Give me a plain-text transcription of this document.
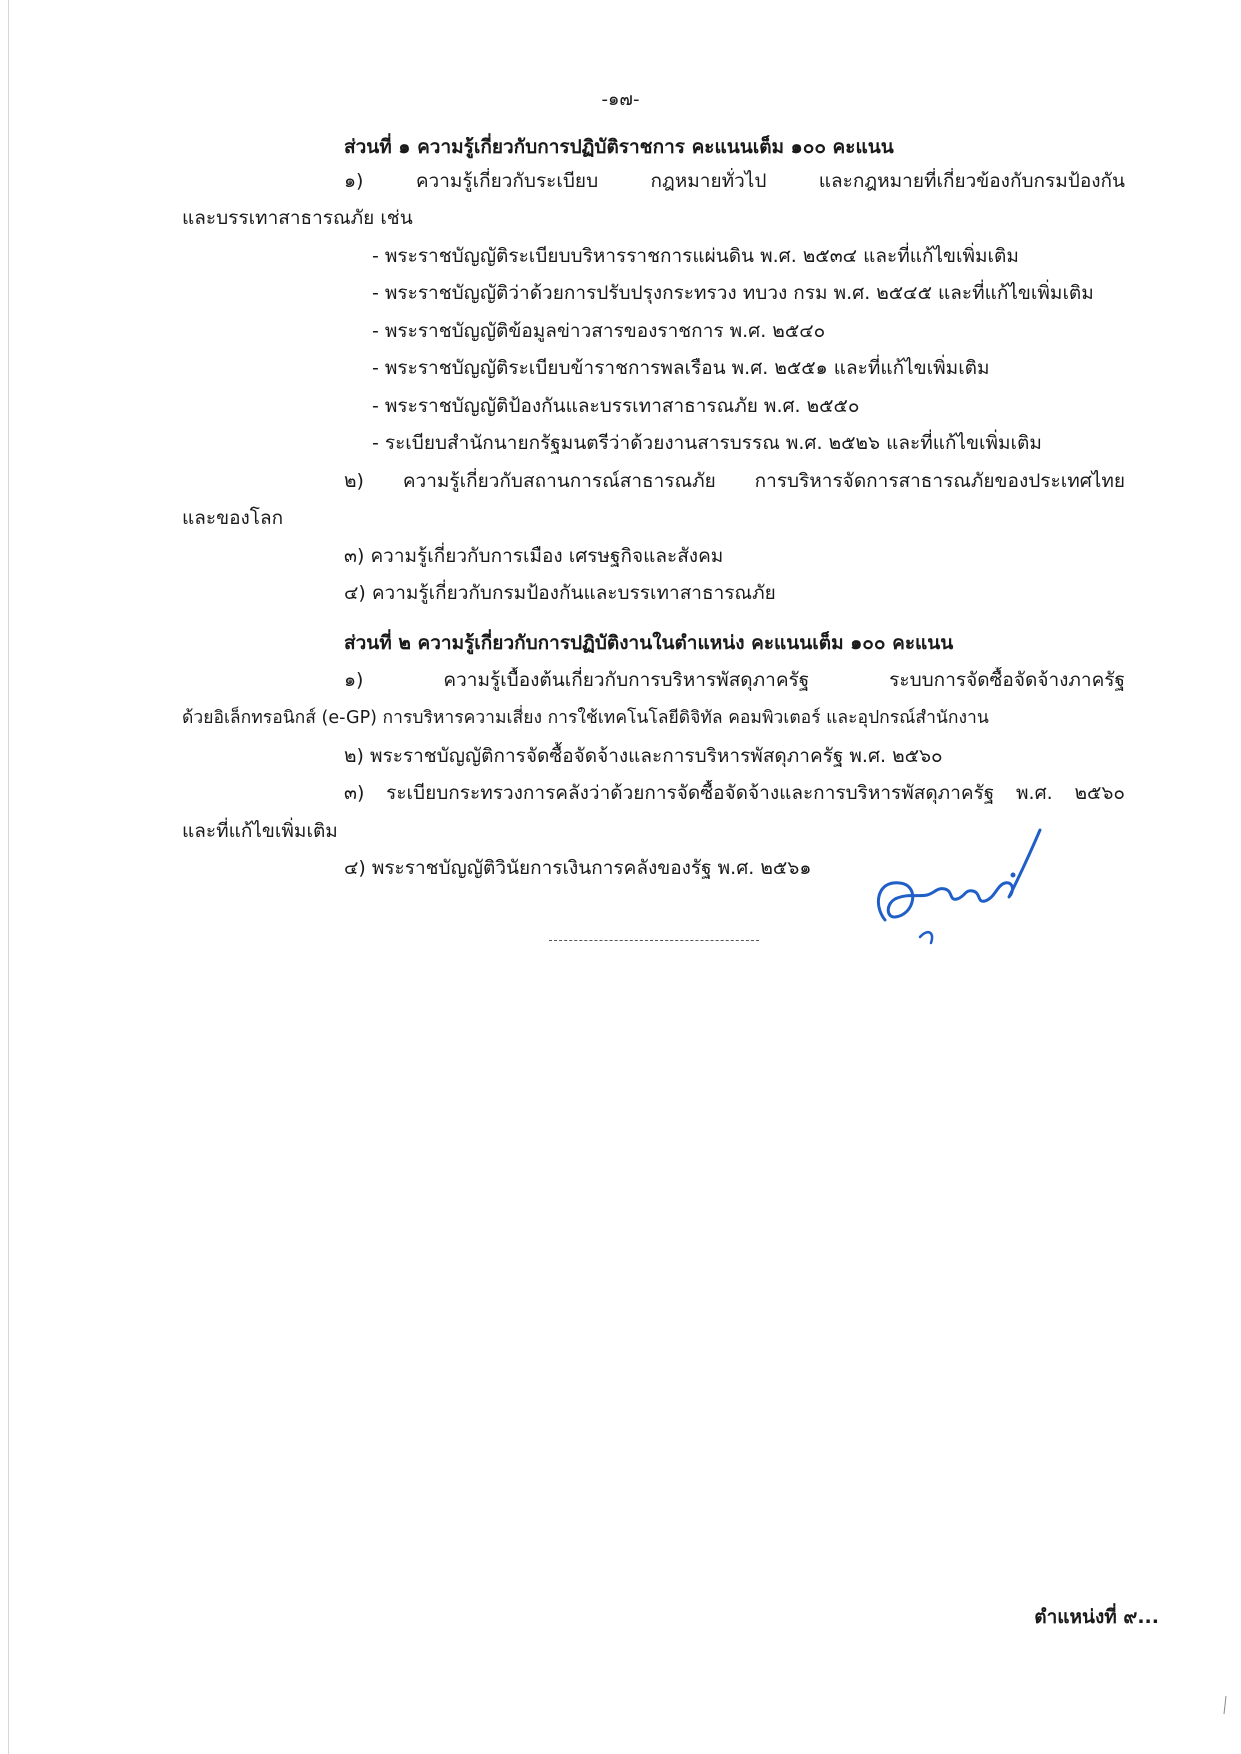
-๑๗-
ส่วนที่ ๑ ความรู้เกี่ยวกับการปฏิบัติราชการ คะแนนเต็ม ๑๐๐ คะแนน
๑) ความรู้เกี่ยวกับระเบียบ กฎหมายทั่วไป และกฎหมายที่เกี่ยวข้องกับกรมป้องกัน
และบรรเทาสาธารณภัย เช่น
- พระราชบัญญัติระเบียบบริหารราชการแผ่นดิน พ.ศ. ๒๕๓๔ และที่แก้ไขเพิ่มเติม
- พระราชบัญญัติว่าด้วยการปรับปรุงกระทรวง ทบวง กรม พ.ศ. ๒๕๔๕ และที่แก้ไขเพิ่มเติม
- พระราชบัญญัติข้อมูลข่าวสารของราชการ พ.ศ. ๒๕๔๐
- พระราชบัญญัติระเบียบข้าราชการพลเรือน พ.ศ. ๒๕๕๑ และที่แก้ไขเพิ่มเติม
- พระราชบัญญัติป้องกันและบรรเทาสาธารณภัย พ.ศ. ๒๕๕๐
- ระเบียบสำนักนายกรัฐมนตรีว่าด้วยงานสารบรรณ พ.ศ. ๒๕๒๖ และที่แก้ไขเพิ่มเติม
๒) ความรู้เกี่ยวกับสถานการณ์สาธารณภัย การบริหารจัดการสาธารณภัยของประเทศไทย
และของโลก
๓) ความรู้เกี่ยวกับการเมือง เศรษฐกิจและสังคม
๔) ความรู้เกี่ยวกับกรมป้องกันและบรรเทาสาธารณภัย
ส่วนที่ ๒ ความรู้เกี่ยวกับการปฏิบัติงานในตำแหน่ง คะแนนเต็ม ๑๐๐ คะแนน
๑) ความรู้เบื้องต้นเกี่ยวกับการบริหารพัสดุภาครัฐ ระบบการจัดซื้อจัดจ้างภาครัฐ
ด้วยอิเล็กทรอนิกส์ (e-GP) การบริหารความเสี่ยง การใช้เทคโนโลยีดิจิทัล คอมพิวเตอร์ และอุปกรณ์สำนักงาน
๒) พระราชบัญญัติการจัดซื้อจัดจ้างและการบริหารพัสดุภาครัฐ พ.ศ. ๒๕๖๐
๓) ระเบียบกระทรวงการคลังว่าด้วยการจัดซื้อจัดจ้างและการบริหารพัสดุภาครัฐ พ.ศ. ๒๕๖๐
และที่แก้ไขเพิ่มเติม
๔) พระราชบัญญัติวินัยการเงินการคลังของรัฐ พ.ศ. ๒๕๖๑
ตำแหน่งที่ ๙...
